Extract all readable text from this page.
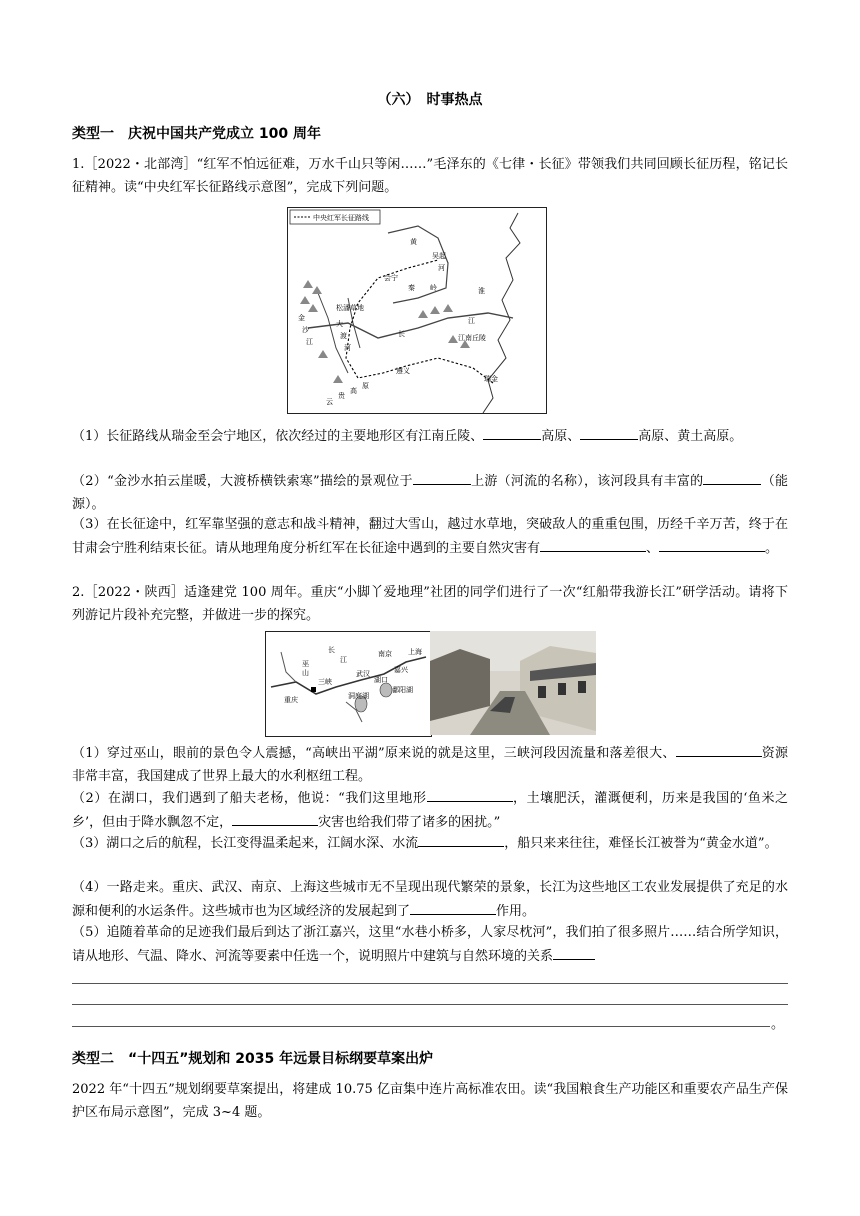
（六）　时事热点
类型一　庆祝中国共产党成立 100 周年
1.［2022・北部湾］“红军不怕远征难，万水千山只等闲……”毛泽东的《七律・长征》带领我们共同回顾长征历程，铭记长征精神。读“中央红军长征路线示意图”，完成下列问题。
中央红军长征路线
会宁
吴起
遵义
瑞金
江南丘陵
松潘草地
黄
河
秦 岭	淮
长
江
金
沙
江
大
渡
河
云
贵
高
原
（1）长征路线从瑞金至会宁地区，依次经过的主要地形区有江南丘陵、	高原、	高原、黄土高原。
（2）“金沙水拍云崖暖，大渡桥横铁索寒”描绘的景观位于	上游（河流的名称），该河段具有丰富的	（能源）。
（3）在长征途中，红军靠坚强的意志和战斗精神，翻过大雪山，越过水草地，突破敌人的重重包围，历经千辛万苦，终于在甘肃会宁胜利结束长征。请从地理角度分析红军在长征途中遇到的主要自然灾害有	、	。
2.［2022・陕西］适逢建党 100 周年。重庆“小脚丫爱地理”社团的同学们进行了一次“红船带我游长江”研学活动。请将下列游记片段补充完整，并做进一步的探究。
长
江
南京 上海
武汉	嘉兴
湖口
鄱阳湖
洞庭湖
重庆
三峡
巫
山
（1）穿过巫山，眼前的景色令人震撼，“高峡出平湖”原来说的就是这里，三峡河段因流量和落差很大、	资源非常丰富，我国建成了世界上最大的水利枢纽工程。
（2）在湖口，我们遇到了船夫老杨，他说：“我们这里地形	，土壤肥沃，灌溉便利，历来是我国的‘鱼米之乡’，但由于降水飘忽不定，	灾害也给我们带了诸多的困扰。”
（3）湖口之后的航程，长江变得温柔起来，江阔水深、水流	，船只来来往往，难怪长江被誉为“黄金水道”。
（4）一路走来。重庆、武汉、南京、上海这些城市无不呈现出现代繁荣的景象，长江为这些地区工农业发展提供了充足的水源和便利的水运条件。这些城市也为区域经济的发展起到了	作用。
（5）追随着革命的足迹我们最后到达了浙江嘉兴，这里“水巷小桥多，人家尽枕河”，我们拍了很多照片……结合所学知识，请从地形、气温、降水、河流等要素中任选一个，说明照片中建筑与自然环境的关系
。
类型二　“十四五”规划和 2035 年远景目标纲要草案出炉
2022 年“十四五”规划纲要草案提出，将建成 10.75 亿亩集中连片高标准农田。读“我国粮食生产功能区和重要农产品生产保护区布局示意图”，完成 3~4 题。
